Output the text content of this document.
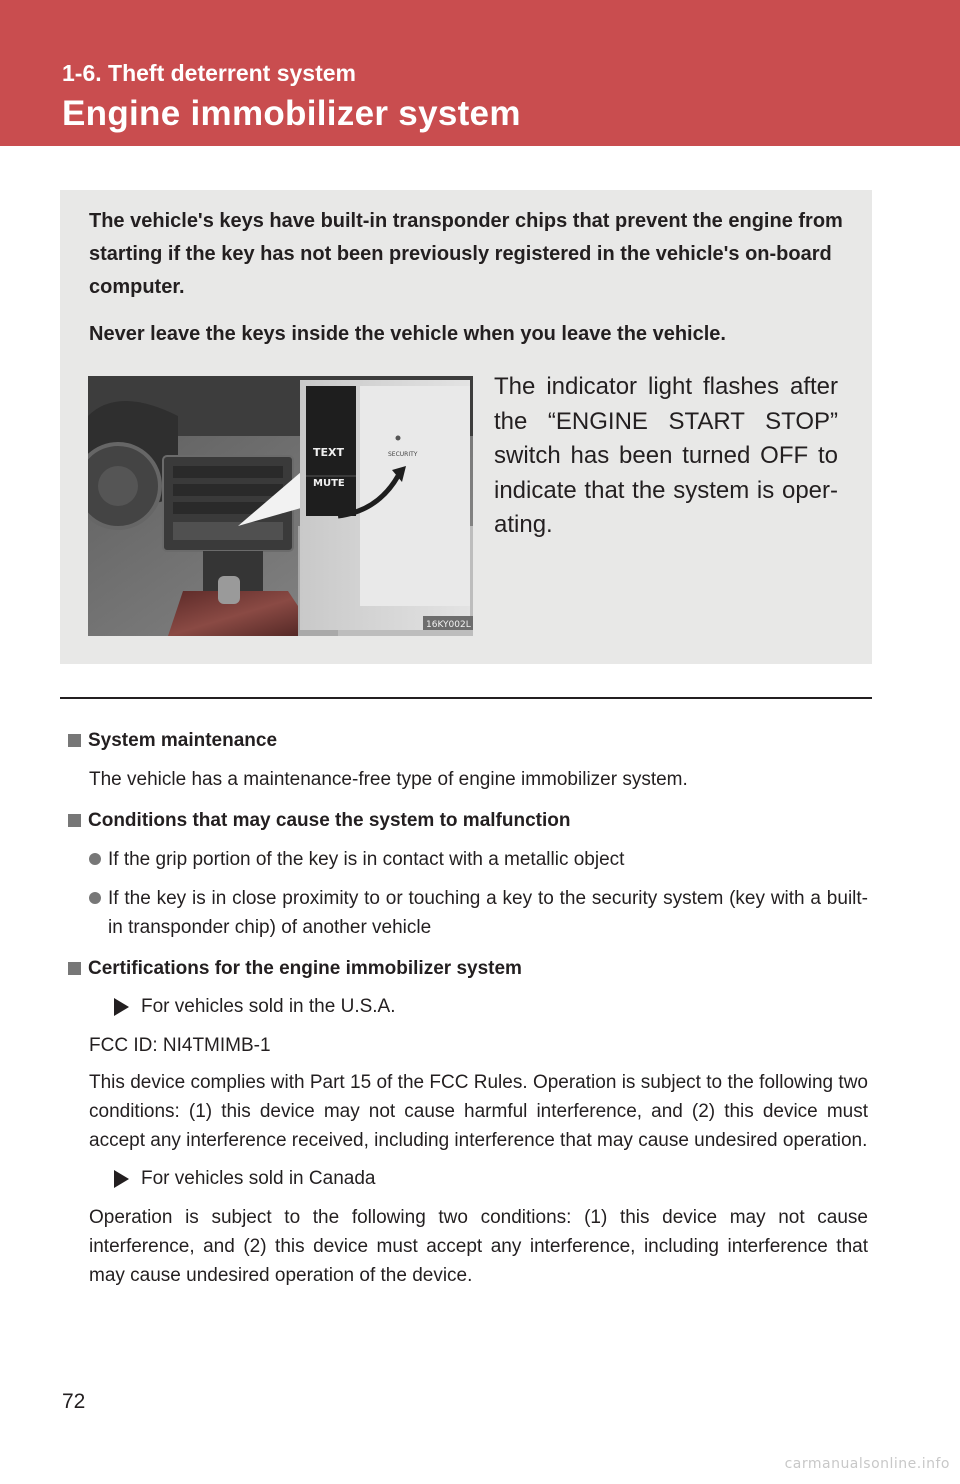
1-6. Theft deterrent system
Engine immobilizer system

The vehicle's keys have built-in transponder chips that prevent the engine from starting if the key has not been previously registered in the vehicle's on-board computer.

Never leave the keys inside the vehicle when you leave the vehicle.

TEXT
MUTE
SECURITY
16KY002L

The indicator light flashes after the “ENGINE START STOP” switch has been turned OFF to indicate that the system is oper-ating.

System maintenance

The vehicle has a maintenance-free type of engine immobilizer system.

Conditions that may cause the system to malfunction

If the grip portion of the key is in contact with a metallic object
If the key is in close proximity to or touching a key to the security system (key with a built-in transponder chip) of another vehicle

Certifications for the engine immobilizer system

For vehicles sold in the U.S.A.

FCC ID: NI4TMIMB-1

This device complies with Part 15 of the FCC Rules. Operation is subject to the following two conditions: (1) this device may not cause harmful interference, and (2) this device must accept any interference received, including interference that may cause undesired operation.

For vehicles sold in Canada

Operation is subject to the following two conditions: (1) this device may not cause interference, and (2) this device must accept any interference, including interference that may cause undesired operation of the device.

72
carmanualsonline.info
